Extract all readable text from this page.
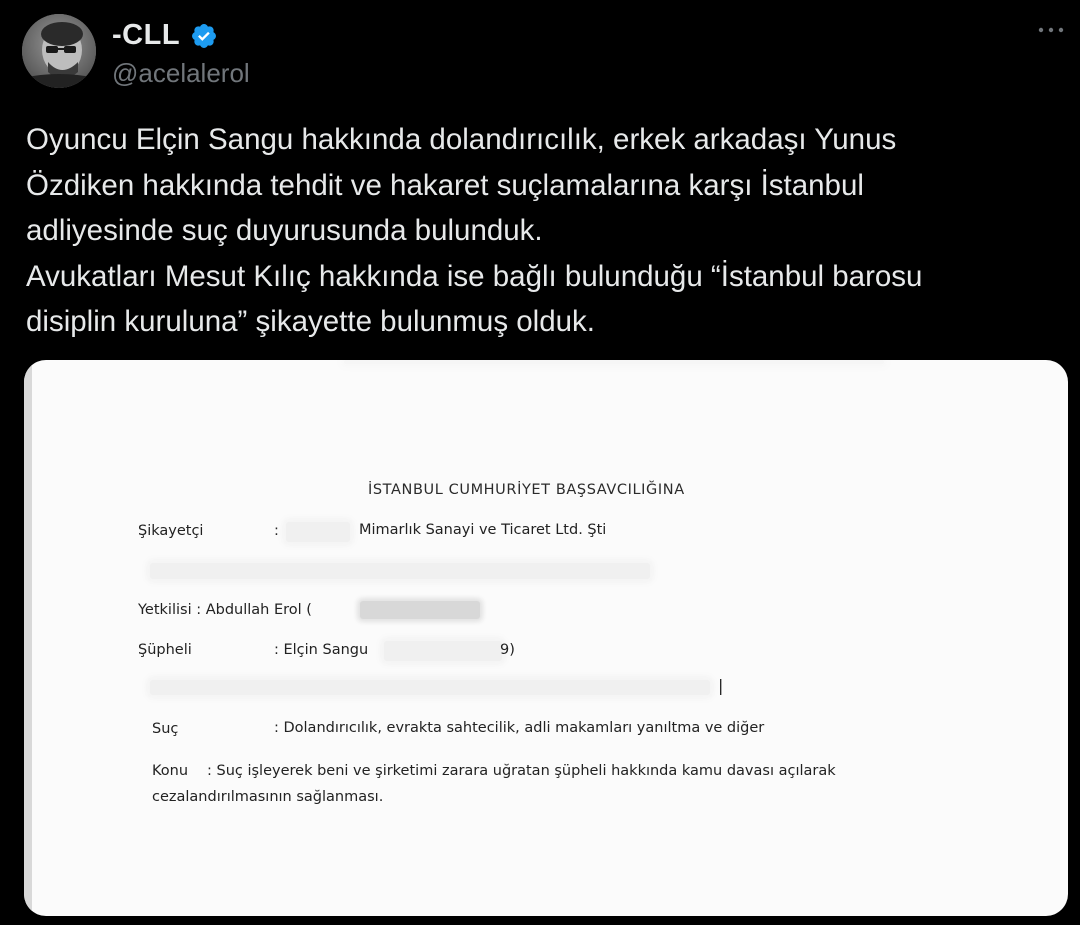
-CLL
@acelalerol

Oyuncu Elçin Sangu hakkında dolandırıcılık, erkek arkadaşı Yunus
Özdiken hakkında tehdit ve hakaret suçlamalarına karşı İstanbul
adliyesinde suç duyurusunda bulunduk.
Avukatları Mesut Kılıç hakkında ise bağlı bulunduğu “İstanbul barosu
disiplin kuruluna” şikayette bulunmuş olduk.

İSTANBUL CUMHURİYET BAŞSAVCILIĞINA
Şikayetçi	:	Mimarlık Sanayi ve Ticaret Ltd. Şti
Yetkilisi : Abdullah Erol (
Şüpheli	: Elçin Sangu	9)
|
Suç	: Dolandırıcılık, evrakta sahtecilik, adli makamları yanıltma ve diğer
Konu : Suç işleyerek beni ve şirketimi zarara uğratan şüpheli hakkında kamu davası açılarak
cezalandırılmasının sağlanması.
